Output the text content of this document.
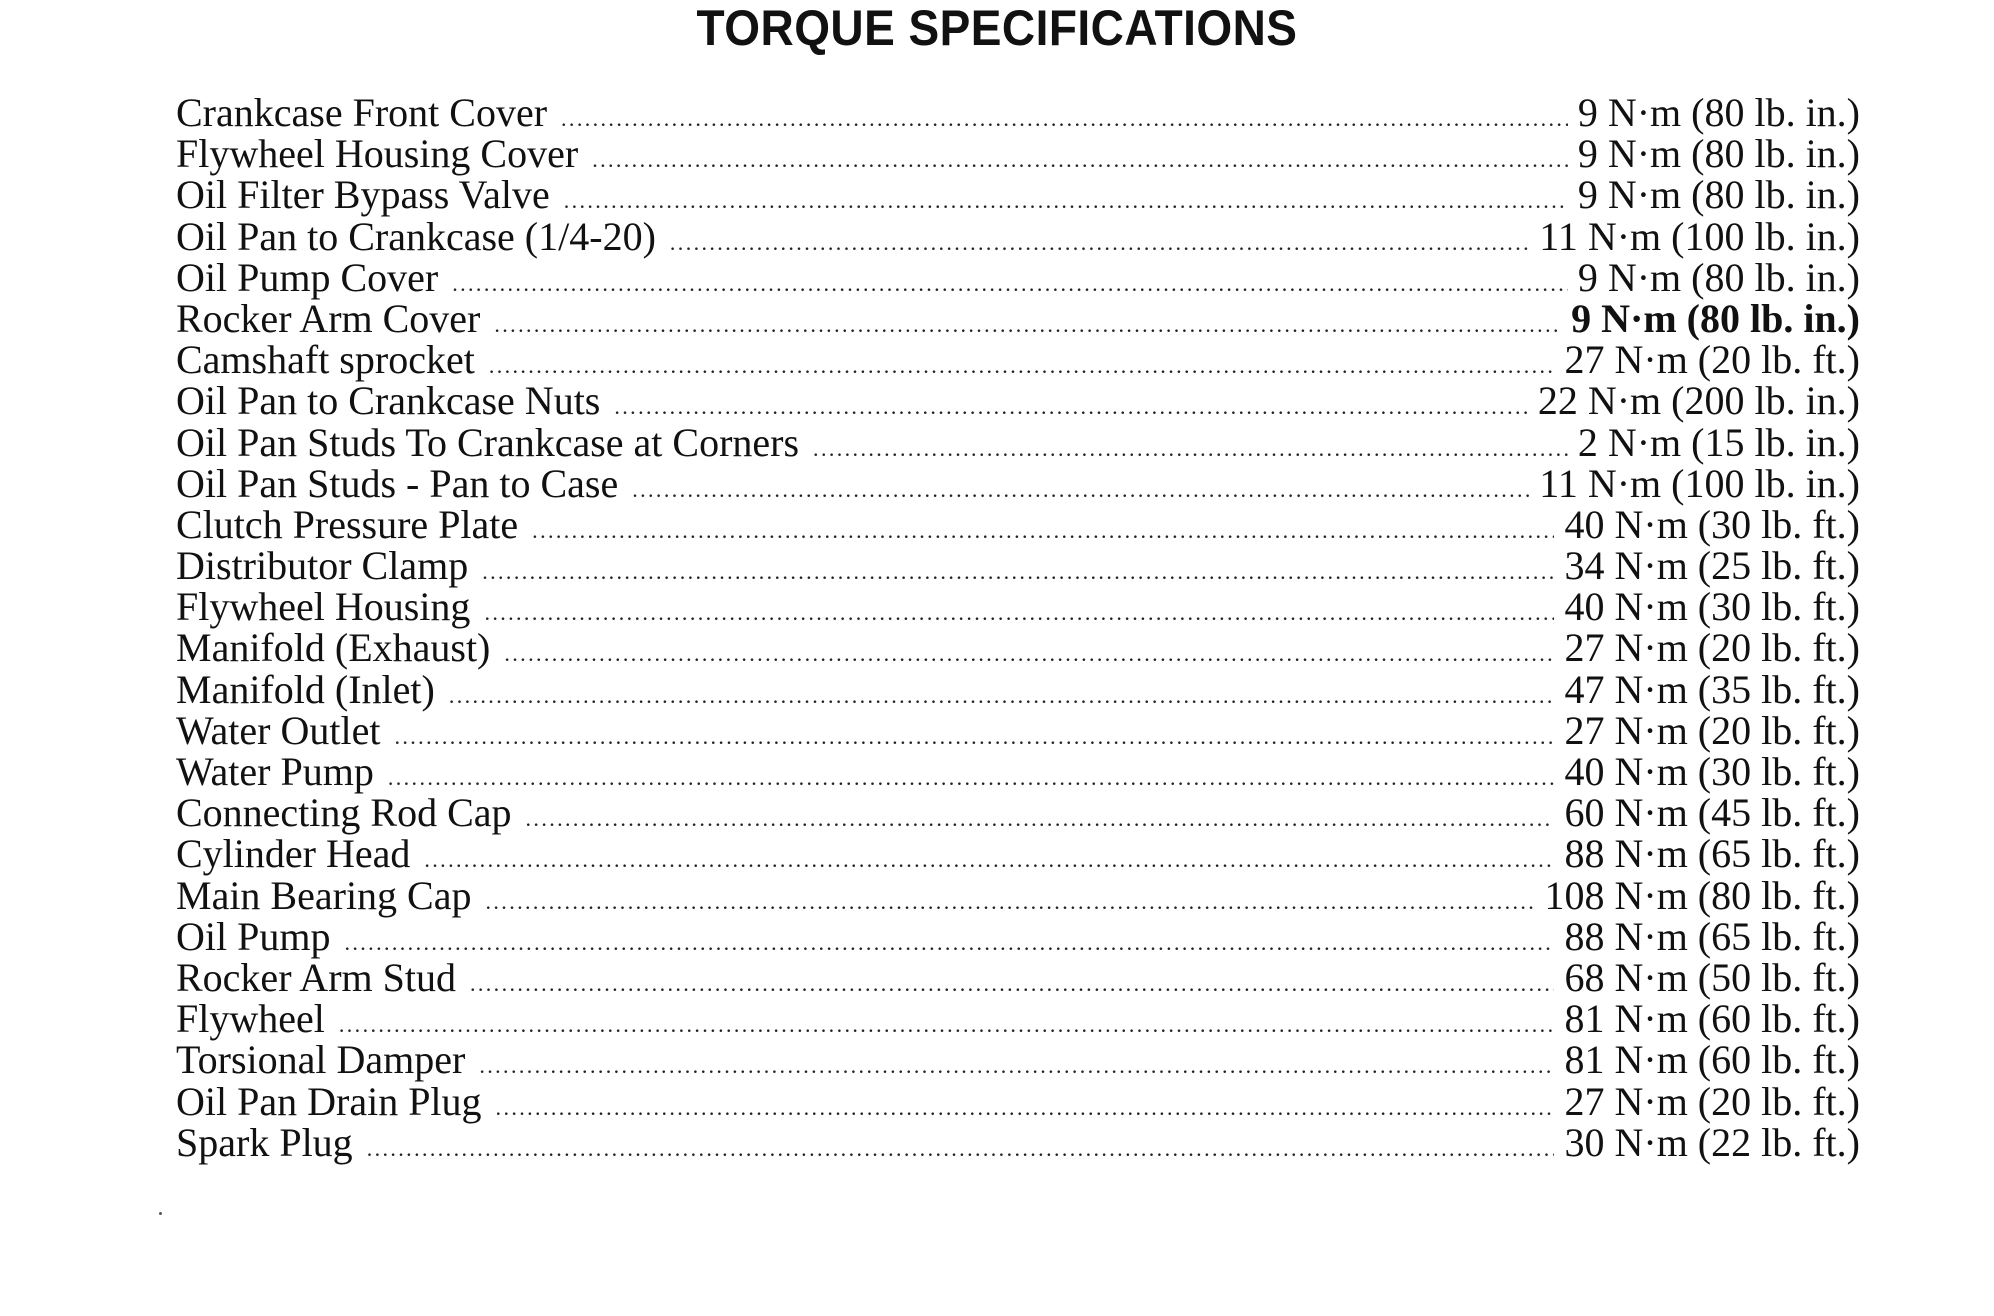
TORQUE SPECIFICATIONS
Crankcase Front Cover .....	9 N·m (80 lb. in.)
Flywheel Housing Cover .....	9 N·m (80 lb. in.)
Oil Filter Bypass Valve .....	9 N·m (80 lb. in.)
Oil Pan to Crankcase (1/4-20) .....	11 N·m (100 lb. in.)
Oil Pump Cover .....	9 N·m (80 lb. in.)
Rocker Arm Cover .....	9 N·m (80 lb. in.)
Camshaft sprocket .....	27 N·m (20 lb. ft.)
Oil Pan to Crankcase Nuts .....	22 N·m (200 lb. in.)
Oil Pan Studs To Crankcase at Corners .....	2 N·m (15 lb. in.)
Oil Pan Studs - Pan to Case .....	11 N·m (100 lb. in.)
Clutch Pressure Plate .....	40 N·m (30 lb. ft.)
Distributor Clamp .....	34 N·m (25 lb. ft.)
Flywheel Housing .....	40 N·m (30 lb. ft.)
Manifold (Exhaust) .....	27 N·m (20 lb. ft.)
Manifold (Inlet) .....	47 N·m (35 lb. ft.)
Water Outlet .....	27 N·m (20 lb. ft.)
Water Pump .....	40 N·m (30 lb. ft.)
Connecting Rod Cap .....	60 N·m (45 lb. ft.)
Cylinder Head .....	88 N·m (65 lb. ft.)
Main Bearing Cap .....	108 N·m (80 lb. ft.)
Oil Pump .....	88 N·m (65 lb. ft.)
Rocker Arm Stud .....	68 N·m (50 lb. ft.)
Flywheel .....	81 N·m (60 lb. ft.)
Torsional Damper .....	81 N·m (60 lb. ft.)
Oil Pan Drain Plug .....	27 N·m (20 lb. ft.)
Spark Plug .....	30 N·m (22 lb. ft.)
